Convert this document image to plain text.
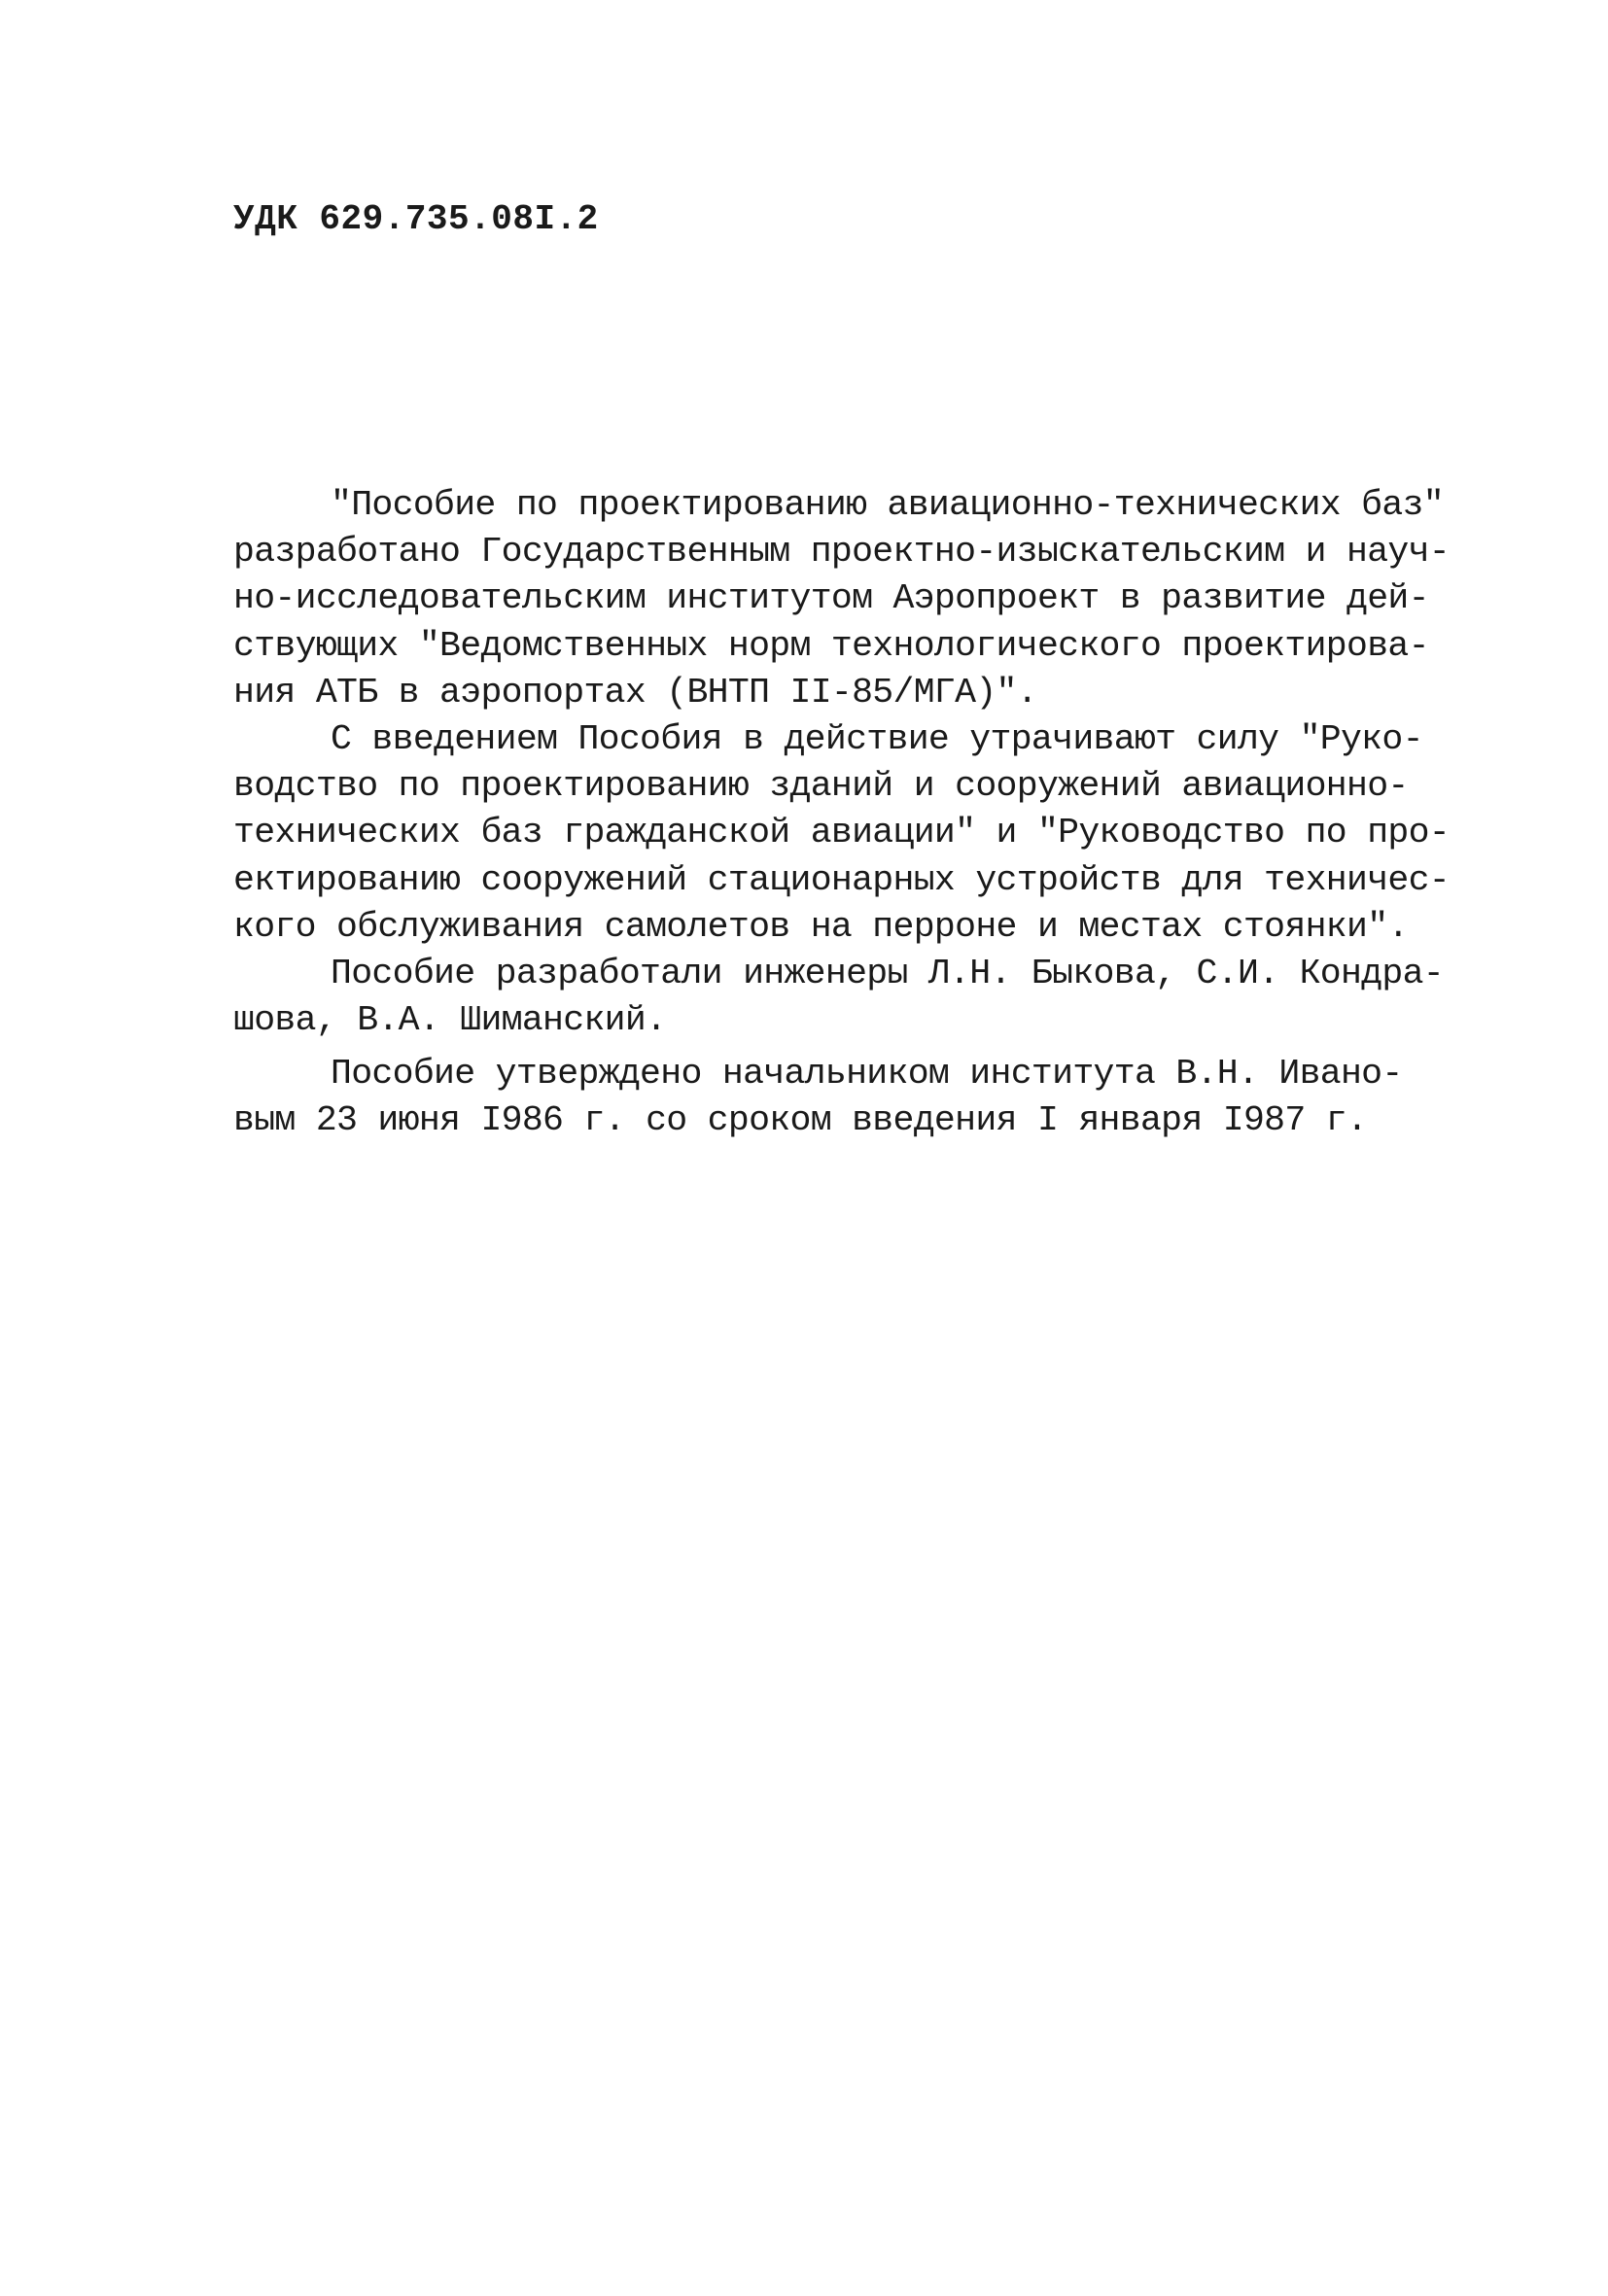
УДК 629.735.08I.2
"Пособие по проектированию авиационно-технических баз"
разработано Государственным проектно-изыскательским и науч-
но-исследовательским институтом Аэропроект в развитие дей-
ствующих "Ведомственных норм технологического проектирова-
ния АТБ в аэропортах (ВНТП II-85/МГА)".
С введением Пособия в действие утрачивают силу "Руко-
водство по проектированию зданий и сооружений авиационно-
технических баз гражданской авиации" и "Руководство по про-
ектированию сооружений стационарных устройств для техничес-
кого обслуживания самолетов на перроне и местах стоянки".
Пособие разработали инженеры Л.Н. Быкова, С.И. Кондра-
шова, В.А. Шиманский.
Пособие утверждено начальником института В.Н. Ивано-
вым 23 июня I986 г. со сроком введения I января I987 г.
